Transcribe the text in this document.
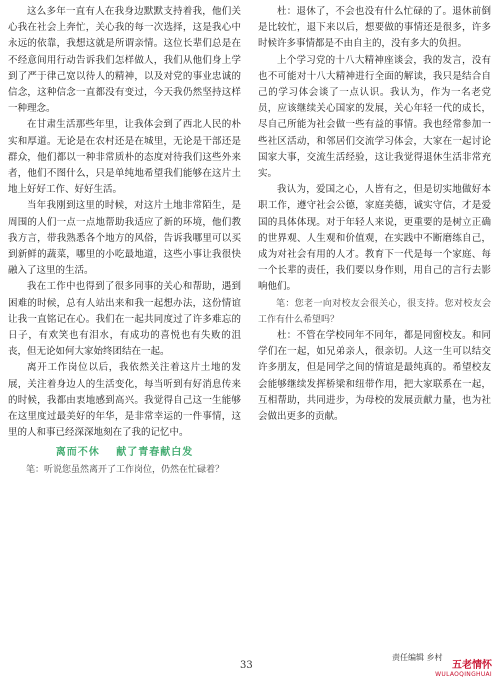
这么多年一直有人在我身边默默支持着我，他们关心我在社会上奔忙，关心我的每一次选择，这是我心中永远的依靠，我想这就是所谓亲情。这位长辈们总是在不经意间用行动告诉我们怎样做人，我们从他们身上学到了严于律己宽以待人的精神，以及对党的事业忠诚的信念，这种信念一直都没有变过，今天我仍然坚持这样一种理念。

在甘肃生活那些年里，让我体会到了西北人民的朴实和厚道。无论是在农村还是在城里，无论是干部还是群众，他们都以一种非常质朴的态度对待我们这些外来者，他们不图什么，只是单纯地希望我们能够在这片土地上好好工作、好好生活。

当年我刚到这里的时候，对这片土地非常陌生，是周围的人们一点一点地帮助我适应了新的环境，他们教我方言，带我熟悉各个地方的风俗，告诉我哪里可以买到新鲜的蔬菜，哪里的小吃最地道，这些小事让我很快融入了这里的生活。

我在工作中也得到了很多同事的关心和帮助，遇到困难的时候，总有人站出来和我一起想办法，这份情谊让我一直铭记在心。我们在一起共同度过了许多难忘的日子，有欢笑也有泪水，有成功的喜悦也有失败的沮丧，但无论如何大家始终团结在一起。

离开工作岗位以后，我依然关注着这片土地的发展，关注着身边人的生活变化，每当听到有好消息传来的时候，我都由衷地感到高兴。我觉得自己这一生能够在这里度过最美好的年华，是非常幸运的一件事情，这里的人和事已经深深地刻在了我的记忆中。

离而不休 献了青春献白发

笔：听说您虽然离开了工作岗位，仍然在忙碌着？

杜：退休了，不会也没有什么忙碌的了。退休前倒是比较忙，退下来以后，想要做的事情还是很多，许多时候许多事情都是不由自主的，没有多大的负担。

上个学习党的十八大精神座谈会，我的发言，没有也不可能对十八大精神进行全面的解读，我只是结合自己的学习体会谈了一点认识。我认为，作为一名老党员，应该继续关心国家的发展，关心年轻一代的成长，尽自己所能为社会做一些有益的事情。我也经常参加一些社区活动，和邻居们交流学习体会，大家在一起讨论国家大事，交流生活经验，这让我觉得退休生活非常充实。

我认为，爱国之心，人皆有之，但是切实地做好本职工作，遵守社会公德，家庭美德，诚实守信，才是爱国的具体体现。对于年轻人来说，更重要的是树立正确的世界观、人生观和价值观，在实践中不断磨练自己，成为对社会有用的人才。教育下一代是每一个家庭、每一个长辈的责任，我们要以身作则，用自己的言行去影响他们。

笔：您老一向对校友会很关心，很支持。您对校友会工作有什么希望吗？

杜：不管在学校同年不同年，都是同窗校友。和同学们在一起，如兄弟亲人，很亲切。人这一生可以结交许多朋友，但是同学之间的情谊是最纯真的。希望校友会能够继续发挥桥梁和纽带作用，把大家联系在一起，互相帮助，共同进步，为母校的发展贡献力量，也为社会做出更多的贡献。

责任编辑 乡村
33	五老情怀
WULAOQINGHUAI
